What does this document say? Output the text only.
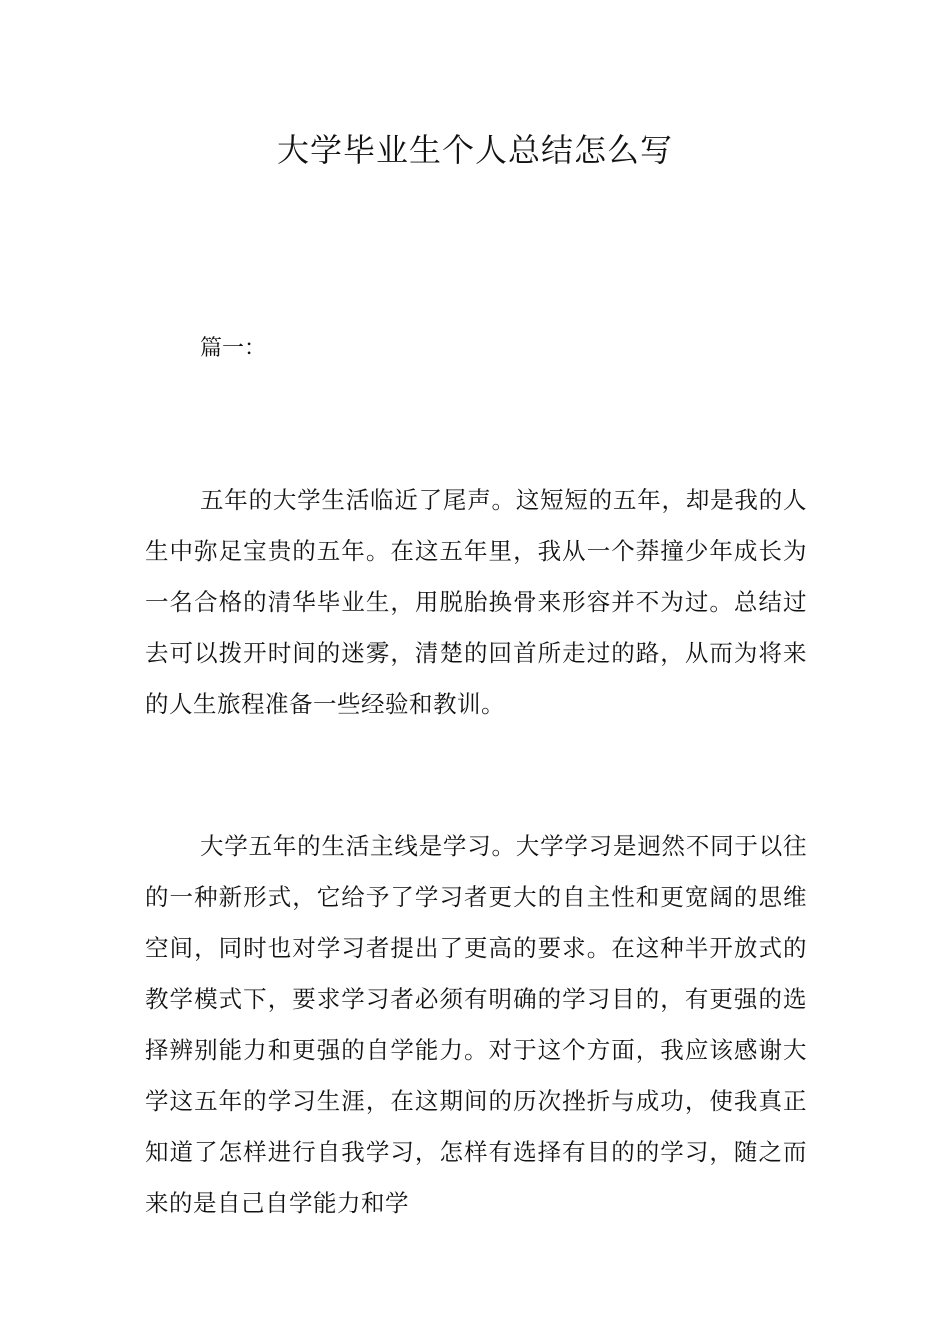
大学毕业生个人总结怎么写

篇一：

五年的大学生活临近了尾声。这短短的五年，却是我的人生中弥足宝贵的五年。在这五年里，我从一个莽撞少年成长为一名合格的清华毕业生，用脱胎换骨来形容并不为过。总结过去可以拨开时间的迷雾，清楚的回首所走过的路，从而为将来的人生旅程准备一些经验和教训。

大学五年的生活主线是学习。大学学习是迥然不同于以往的一种新形式，它给予了学习者更大的自主性和更宽阔的思维空间，同时也对学习者提出了更高的要求。在这种半开放式的教学模式下，要求学习者必须有明确的学习目的，有更强的选择辨别能力和更强的自学能力。对于这个方面，我应该感谢大学这五年的学习生涯，在这期间的历次挫折与成功，使我真正知道了怎样进行自我学习，怎样有选择有目的的学习，随之而来的是自己自学能力和学
